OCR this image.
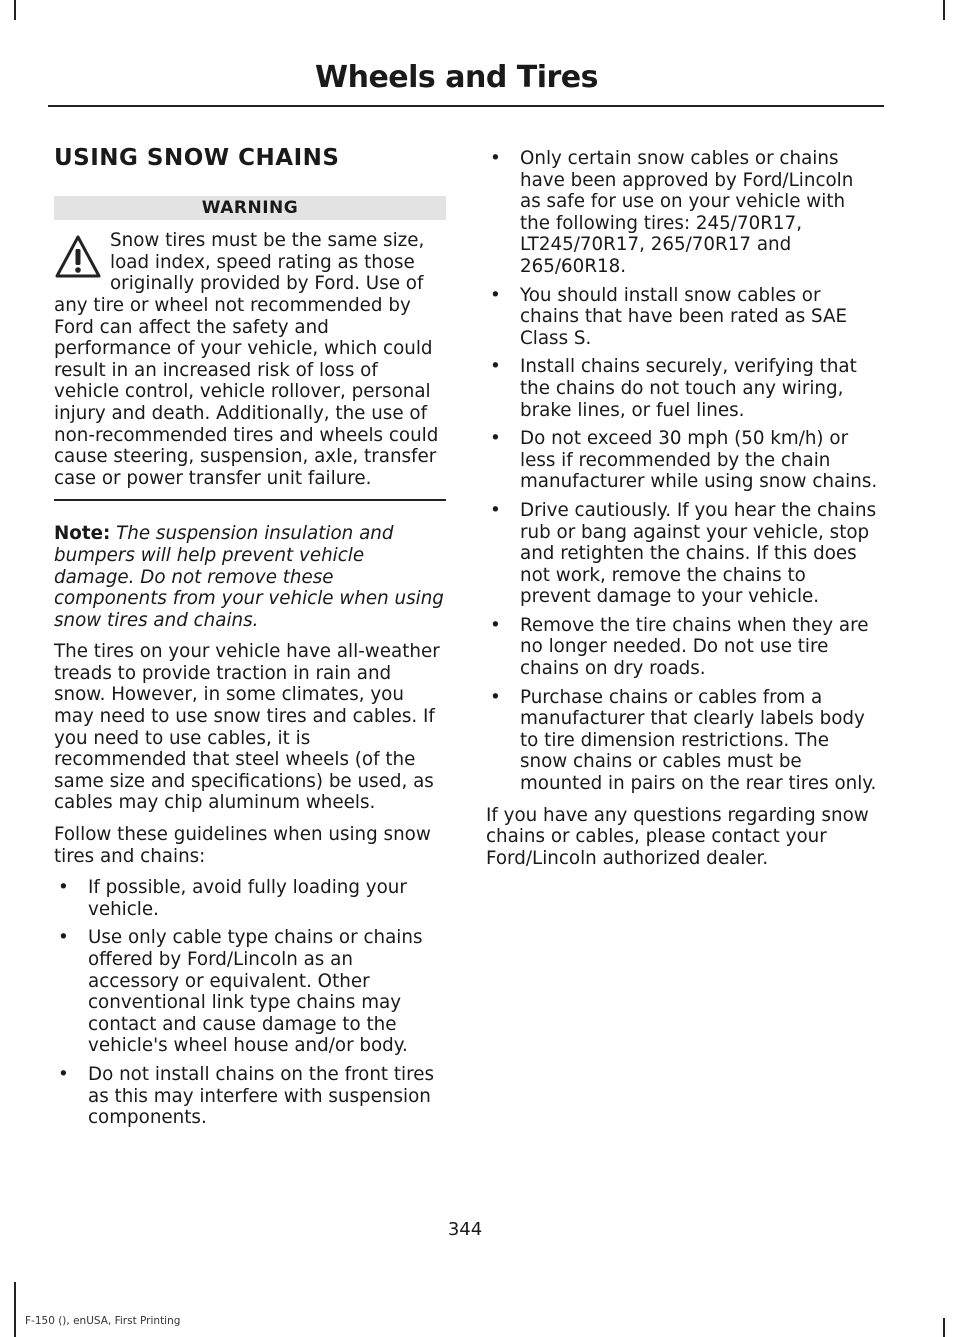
Wheels and Tires
USING SNOW CHAINS
WARNING

Snow tires must be the same size, load index, speed rating as those originally provided by Ford. Use of any tire or wheel not recommended by Ford can affect the safety and performance of your vehicle, which could result in an increased risk of loss of vehicle control, vehicle rollover, personal injury and death. Additionally, the use of non-recommended tires and wheels could cause steering, suspension, axle, transfer case or power transfer unit failure.

Note: The suspension insulation and bumpers will help prevent vehicle damage. Do not remove these components from your vehicle when using snow tires and chains.

The tires on your vehicle have all-weather treads to provide traction in rain and snow. However, in some climates, you may need to use snow tires and cables. If you need to use cables, it is recommended that steel wheels (of the same size and specifications) be used, as cables may chip aluminum wheels.

Follow these guidelines when using snow tires and chains:

• If possible, avoid fully loading your vehicle.
• Use only cable type chains or chains offered by Ford/Lincoln as an accessory or equivalent. Other conventional link type chains may contact and cause damage to the vehicle's wheel house and/or body.
• Do not install chains on the front tires as this may interfere with suspension components.
• Only certain snow cables or chains have been approved by Ford/Lincoln as safe for use on your vehicle with the following tires: 245/70R17, LT245/70R17, 265/70R17 and 265/60R18.
• You should install snow cables or chains that have been rated as SAE Class S.
• Install chains securely, verifying that the chains do not touch any wiring, brake lines, or fuel lines.
• Do not exceed 30 mph (50 km/h) or less if recommended by the chain manufacturer while using snow chains.
• Drive cautiously. If you hear the chains rub or bang against your vehicle, stop and retighten the chains. If this does not work, remove the chains to prevent damage to your vehicle.
• Remove the tire chains when they are no longer needed. Do not use tire chains on dry roads.
• Purchase chains or cables from a manufacturer that clearly labels body to tire dimension restrictions. The snow chains or cables must be mounted in pairs on the rear tires only.

If you have any questions regarding snow chains or cables, please contact your Ford/Lincoln authorized dealer.

344
F-150 (), enUSA, First Printing
